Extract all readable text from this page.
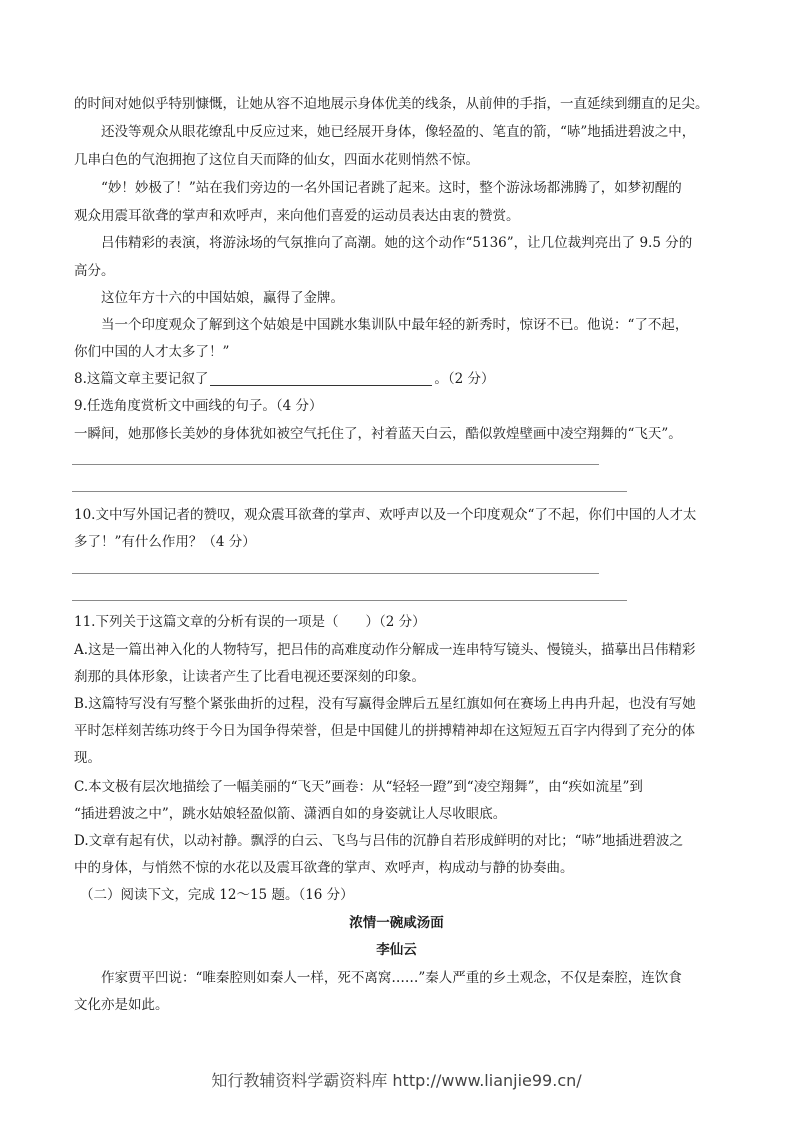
的时间对她似乎特别慷慨，让她从容不迫地展示身体优美的线条，从前伸的手指，一直延续到绷直的足尖。
还没等观众从眼花缭乱中反应过来，她已经展开身体，像轻盈的、笔直的箭，“哧”地插进碧波之中，
几串白色的气泡拥抱了这位自天而降的仙女，四面水花则悄然不惊。
“妙！妙极了！”站在我们旁边的一名外国记者跳了起来。这时，整个游泳场都沸腾了，如梦初醒的
观众用震耳欲聋的掌声和欢呼声，来向他们喜爱的运动员表达由衷的赞赏。
吕伟精彩的表演，将游泳场的气氛推向了高潮。她的这个动作“5136”，让几位裁判亮出了 9.5 分的
高分。
这位年方十六的中国姑娘，赢得了金牌。
当一个印度观众了解到这个姑娘是中国跳水集训队中最年轻的新秀时，惊讶不已。他说：“了不起，
你们中国的人才太多了！”
8.这篇文章主要记叙了	。（2 分）
9.任选角度赏析文中画线的句子。（4 分）
一瞬间，她那修长美妙的身体犹如被空气托住了，衬着蓝天白云，酷似敦煌壁画中凌空翔舞的“飞天”。
10.文中写外国记者的赞叹，观众震耳欲聋的掌声、欢呼声以及一个印度观众“了不起，你们中国的人才太
多了！”有什么作用？（4 分）
11.下列关于这篇文章的分析有误的一项是（　　）（2 分）
A.这是一篇出神入化的人物特写，把吕伟的高难度动作分解成一连串特写镜头、慢镜头，描摹出吕伟精彩
刹那的具体形象，让读者产生了比看电视还要深刻的印象。
B.这篇特写没有写整个紧张曲折的过程，没有写赢得金牌后五星红旗如何在赛场上冉冉升起，也没有写她
平时怎样刻苦练功终于今日为国争得荣誉，但是中国健儿的拼搏精神却在这短短五百字内得到了充分的体
现。
C.本文极有层次地描绘了一幅美丽的“飞天”画卷：从“轻轻一蹬”到“凌空翔舞”，由“疾如流星”到
“插进碧波之中”，跳水姑娘轻盈似箭、潇洒自如的身姿就让人尽收眼底。
D.文章有起有伏，以动衬静。飘浮的白云、飞鸟与吕伟的沉静自若形成鲜明的对比；“哧”地插进碧波之
中的身体，与悄然不惊的水花以及震耳欲聋的掌声、欢呼声，构成动与静的协奏曲。
（二）阅读下文，完成 12～15 题。（16 分）
浓情一碗咸汤面
李仙云
作家贾平凹说：“唯秦腔则如秦人一样，死不离窝……”秦人严重的乡土观念，不仅是秦腔，连饮食
文化亦是如此。
知行教辅资料学霸资料库 http://www.lianjie99.cn/
